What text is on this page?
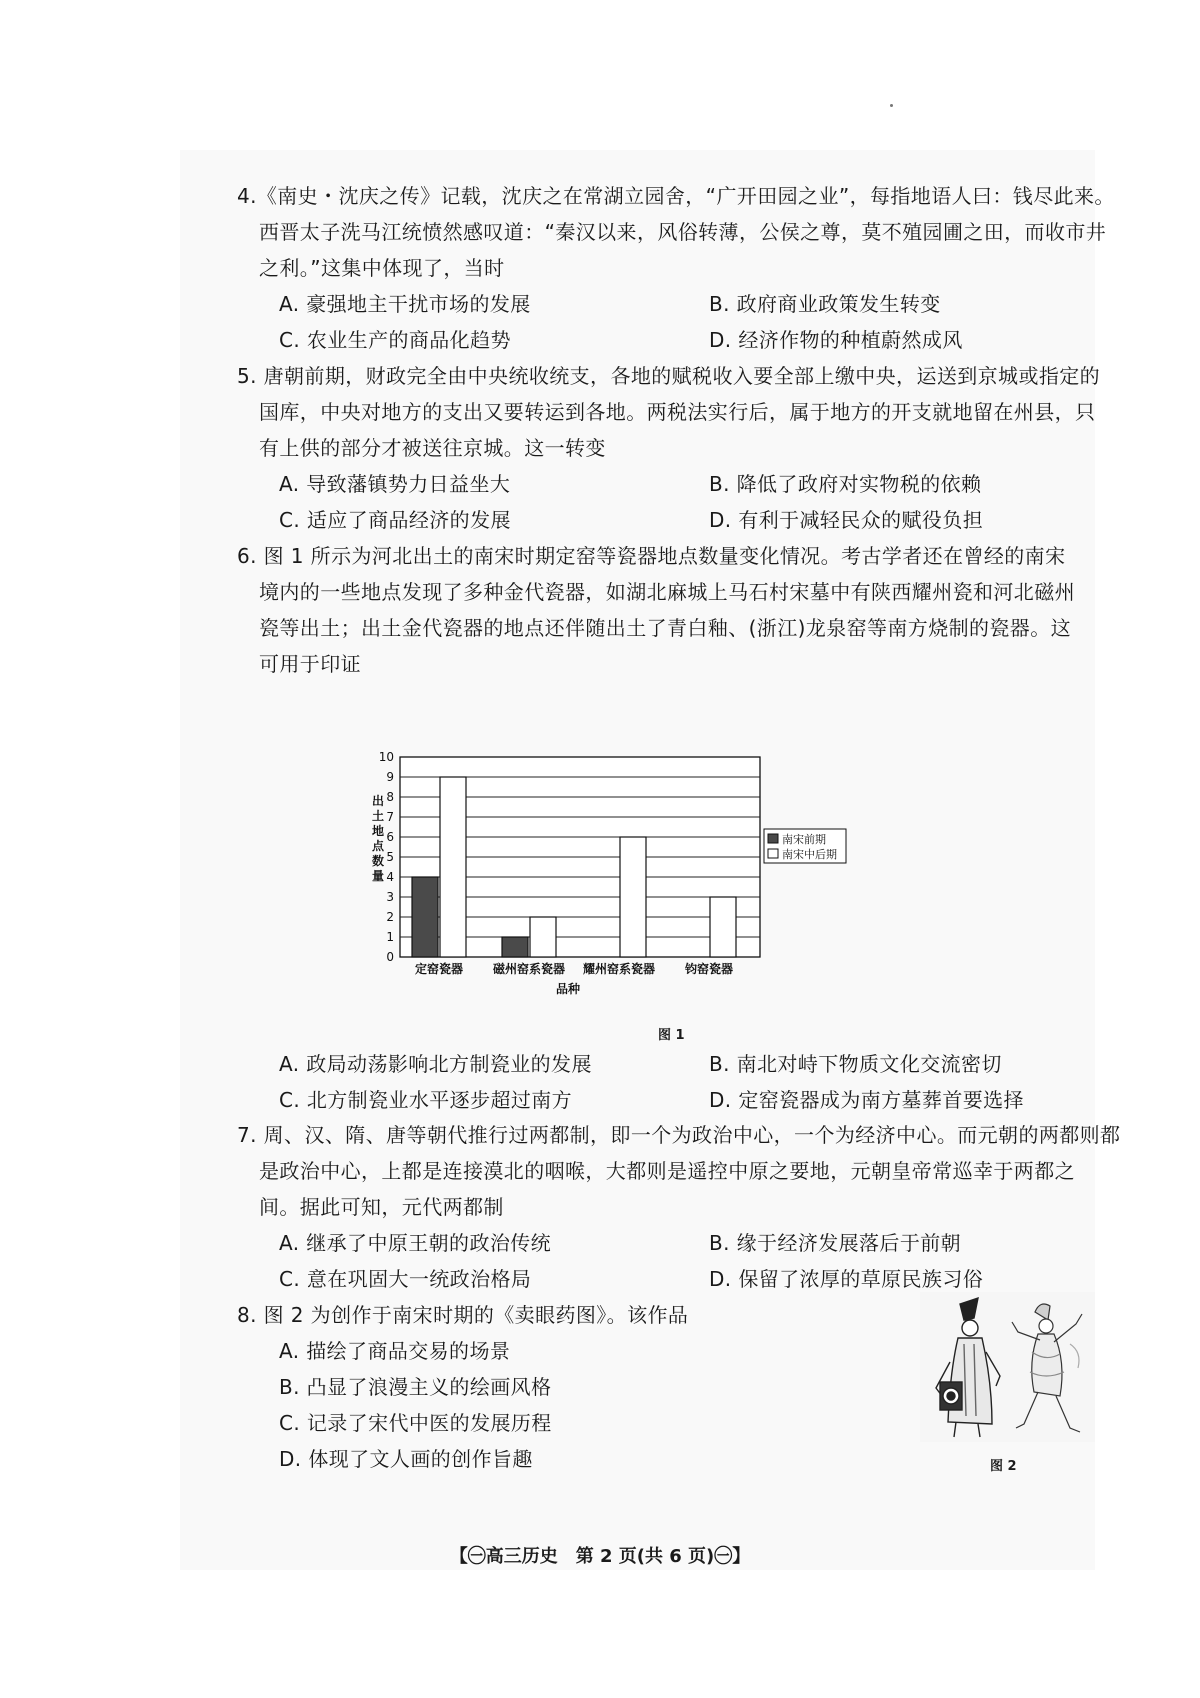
4.《南史・沈庆之传》记载，沈庆之在常湖立园舍，“广开田园之业”，每指地语人曰：钱尽此来。
西晋太子洗马江统愤然感叹道：“秦汉以来，风俗转薄，公侯之尊，莫不殖园圃之田，而收市井
之利。”这集中体现了，当时
A. 豪强地主干扰市场的发展	B. 政府商业政策发生转变
C. 农业生产的商品化趋势	D. 经济作物的种植蔚然成风
5. 唐朝前期，财政完全由中央统收统支，各地的赋税收入要全部上缴中央，运送到京城或指定的
国库，中央对地方的支出又要转运到各地。两税法实行后，属于地方的开支就地留在州县，只
有上供的部分才被送往京城。这一转变
A. 导致藩镇势力日益坐大	B. 降低了政府对实物税的依赖
C. 适应了商品经济的发展	D. 有利于减轻民众的赋役负担
6. 图 1 所示为河北出土的南宋时期定窑等瓷器地点数量变化情况。考古学者还在曾经的南宋
境内的一些地点发现了多种金代瓷器，如湖北麻城上马石村宋墓中有陕西耀州瓷和河北磁州
瓷等出土；出土金代瓷器的地点还伴随出土了青白釉、(浙江)龙泉窑等南方烧制的瓷器。这
可用于印证
0
1
2
3
4
5
6
7
8
9
10
定窑瓷器 磁州窑系瓷器 耀州窑系瓷器 钧窑瓷器
品种
出
土
地
点
数
量
南宋前期
南宋中后期
图 1
A. 政局动荡影响北方制瓷业的发展	B. 南北对峙下物质文化交流密切
C. 北方制瓷业水平逐步超过南方	D. 定窑瓷器成为南方墓葬首要选择
7. 周、汉、隋、唐等朝代推行过两都制，即一个为政治中心，一个为经济中心。而元朝的两都则都
是政治中心，上都是连接漠北的咽喉，大都则是遥控中原之要地，元朝皇帝常巡幸于两都之
间。据此可知，元代两都制
A. 继承了中原王朝的政治传统	B. 缘于经济发展落后于前朝
C. 意在巩固大一统政治格局	D. 保留了浓厚的草原民族习俗
8. 图 2 为创作于南宋时期的《卖眼药图》。该作品
A. 描绘了商品交易的场景
B. 凸显了浪漫主义的绘画风格
C. 记录了宋代中医的发展历程
D. 体现了文人画的创作旨趣	图 2
【㊀高三历史　第 2 页(共 6 页)㊀】
